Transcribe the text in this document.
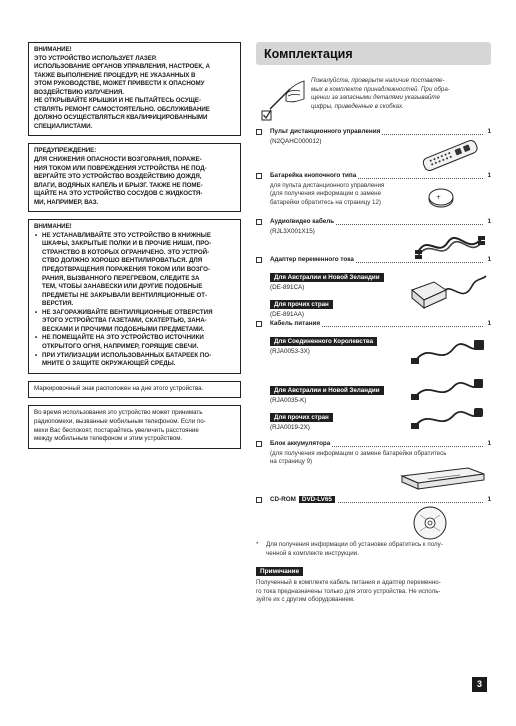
ВНИМАНИЕ!
ЭТО УСТРОЙСТВО ИСПОЛЬЗУЕТ ЛАЗЕР.
ИСПОЛЬЗОВАНИЕ ОРГАНОВ УПРАВЛЕНИЯ, НАСТРОЕК, А
ТАКЖЕ ВЫПОЛНЕНИЕ ПРОЦЕДУР, НЕ УКАЗАННЫХ В
ЭТОМ РУКОВОДСТВЕ, МОЖЕТ ПРИВЕСТИ К ОПАСНОМУ
ВОЗДЕЙСТВИЮ ИЗЛУЧЕНИЯ.
НЕ ОТКРЫВАЙТЕ КРЫШКИ И НЕ ПЫТАЙТЕСЬ ОСУЩЕ-
СТВЛЯТЬ РЕМОНТ САМОСТОЯТЕЛЬНО. ОБСЛУЖИВАНИЕ
ДОЛЖНО ОСУЩЕСТВЛЯТЬСЯ КВАЛИФИЦИРОВАННЫМИ
СПЕЦИАЛИСТАМИ.
ПРЕДУПРЕЖДЕНИЕ:
ДЛЯ СНИЖЕНИЯ ОПАСНОСТИ ВОЗГОРАНИЯ, ПОРАЖЕ-
НИЯ ТОКОМ ИЛИ ПОВРЕЖДЕНИЯ УСТРОЙСТВА НЕ ПОД-
ВЕРГАЙТЕ ЭТО УСТРОЙСТВО ВОЗДЕЙСТВИЮ ДОЖДЯ,
ВЛАГИ, ВОДЯНЫХ КАПЕЛЬ И БРЫЗГ. ТАКЖЕ НЕ ПОМЕ-
ЩАЙТЕ НА ЭТО УСТРОЙСТВО СОСУДОВ С ЖИДКОСТЯ-
МИ, НАПРИМЕР, ВАЗ.
ВНИМАНИЕ!
• НЕ УСТАНАВЛИВАЙТЕ ЭТО УСТРОЙСТВО В КНИЖНЫЕ
ШКАФЫ, ЗАКРЫТЫЕ ПОЛКИ И В ПРОЧИЕ НИШИ, ПРО-
СТРАНСТВО В КОТОРЫХ ОГРАНИЧЕНО. ЭТО УСТРОЙ-
СТВО ДОЛЖНО ХОРОШО ВЕНТИЛИРОВАТЬСЯ. ДЛЯ
ПРЕДОТВРАЩЕНИЯ ПОРАЖЕНИЯ ТОКОМ ИЛИ ВОЗГО-
РАНИЯ, ВЫЗВАННОГО ПЕРЕГРЕВОМ, СЛЕДИТЕ ЗА
ТЕМ, ЧТОБЫ ЗАНАВЕСКИ ИЛИ ДРУГИЕ ПОДОБНЫЕ
ПРЕДМЕТЫ НЕ ЗАКРЫВАЛИ ВЕНТИЛЯЦИОННЫЕ ОТ-
ВЕРСТИЯ.
• НЕ ЗАГОРАЖИВАЙТЕ ВЕНТИЛЯЦИОННЫЕ ОТВЕРСТИЯ
ЭТОГО УСТРОЙСТВА ГАЗЕТАМИ, СКАТЕРТЬЮ, ЗАНА-
ВЕСКАМИ И ПРОЧИМИ ПОДОБНЫМИ ПРЕДМЕТАМИ.
• НЕ ПОМЕЩАЙТЕ НА ЭТО УСТРОЙСТВО ИСТОЧНИКИ
ОТКРЫТОГО ОГНЯ, НАПРИМЕР, ГОРЯЩИЕ СВЕЧИ.
• ПРИ УТИЛИЗАЦИИ ИСПОЛЬЗОВАННЫХ БАТАРЕЕК ПО-
МНИТЕ О ЗАЩИТЕ ОКРУЖАЮЩЕЙ СРЕДЫ.
Маркировочный знак расположен на дне этого устройства.
Во время использования это устройство может принимать
радиопомехи, вызванные мобильным телефоном. Если по-
мехи Вас беспокоят, постарайтесь увеличить расстояние
между мобильным телефоном и этим устройством.
Комплектация
Пожалуйста, проверьте наличие поставляе-
мых в комплекте принадлежностей. При обра-
щении за запасными деталями указывайте
цифры, приведенные в скобках.
Пульт дистанционного управления	1
(N2QAHC000012)
Батарейка кнопочного типа	1
для пульта дистанционного управления
(для получения информации о замене
батарейки обратитесь на страницу 12)
+
Аудио/видео кабель	1
(RJL3X001X15)
Адаптер переменного тока	1
Для Австралии и Новой Зеландии
(DE-891CA)
Для прочих стран
(DE-891AA)
Кабель питания	1
Для Соединенного Королевства
(RJA0053-3X)
Для Австралии и Новой Зеландии
(RJA0035-K)
Для прочих стран
(RJA0019-2X)
Блок аккумулятора	1
(для получения информации о замене батарейки обратитесь
на страницу 9)
CD-ROM DVD-LV65	1
* Для получения информации об установке обратитесь к полу-
ченной в комплекте инструкции.
Примечание
Полученный в комплекте кабель питания и адаптер переменно-
го тока предназначены только для этого устройства. Не исполь-
зуйте их с другим оборудованием.
3
